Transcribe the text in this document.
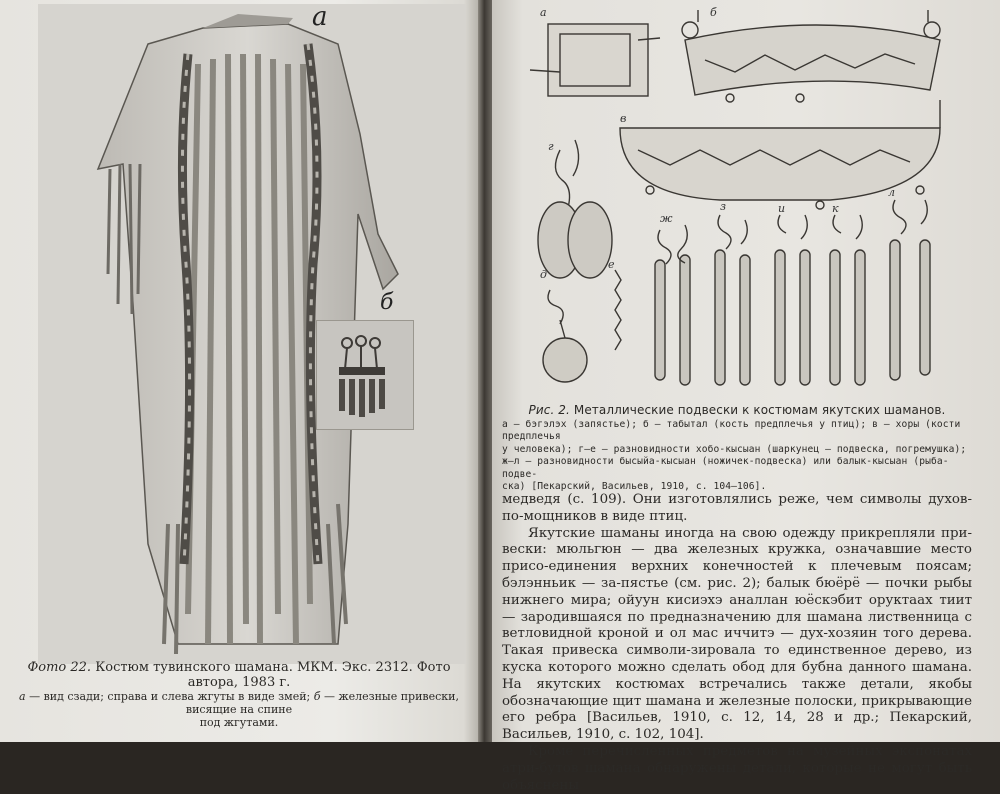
а
б
Фото 22. Костюм тувинского шамана. МКМ. Экс. 2312. Фото автора, 1983 г.
а — вид сзади; справа и слева жгуты в виде змей; б — железные привески, висящие на спине
под жгутами.
а	б
в
г
д
е
ж
з	и	к
л
Рис. 2. Металлические подвески к костюмам якутских шаманов.

а — бэгэлэх (запястье); б — табытал (кость предплечья у птиц); в — хоры (кости предплечья

у человека); г—е — разновидности хобо-кысыан (шаркунец — подвеска, погремушка);

ж—л — разновидности бысыйа-кысыан (ножичек-подвеска) или балык-кысыан (рыба-подве-

ска) [Пекарский, Васильев, 1910, с. 104—106].

медведя (с. 109). Они изготовлялись реже, чем символы духов-по-мощников в виде птиц.

Якутские шаманы иногда на свою одежду прикрепляли при-вески: мюльгюн — два железных кружка, означавшие место присо-единения верхних конечностей к плечевым поясам; бэлэнньик — за-пястье (см. рис. 2); балык бюёрё — почки рыбы нижнего мира; ойуун кисиэхэ аналлан юёскэбит оруктаах тиит — зародившаяся по предназначению для шамана лиственница с ветловидной кроной и ол мас иччитэ — дух-хозяин того дерева. Такая привеска символи-зировала то единственное дерево, из куска которого можно сделать обод для бубна данного шамана. На якутских костюмах встречались также детали, якобы обозначающие щит шамана и железные полоски, прикрывающие его ребра [Васильев, 1910, с. 12, 14, 28 и др.; Пекарский, Васильев, 1910, с. 102, 104].

Кроме перечисленных предметов на музейных экспонатах атри-бутов шамана обнаружены детали, которые не могут быть объяснены
